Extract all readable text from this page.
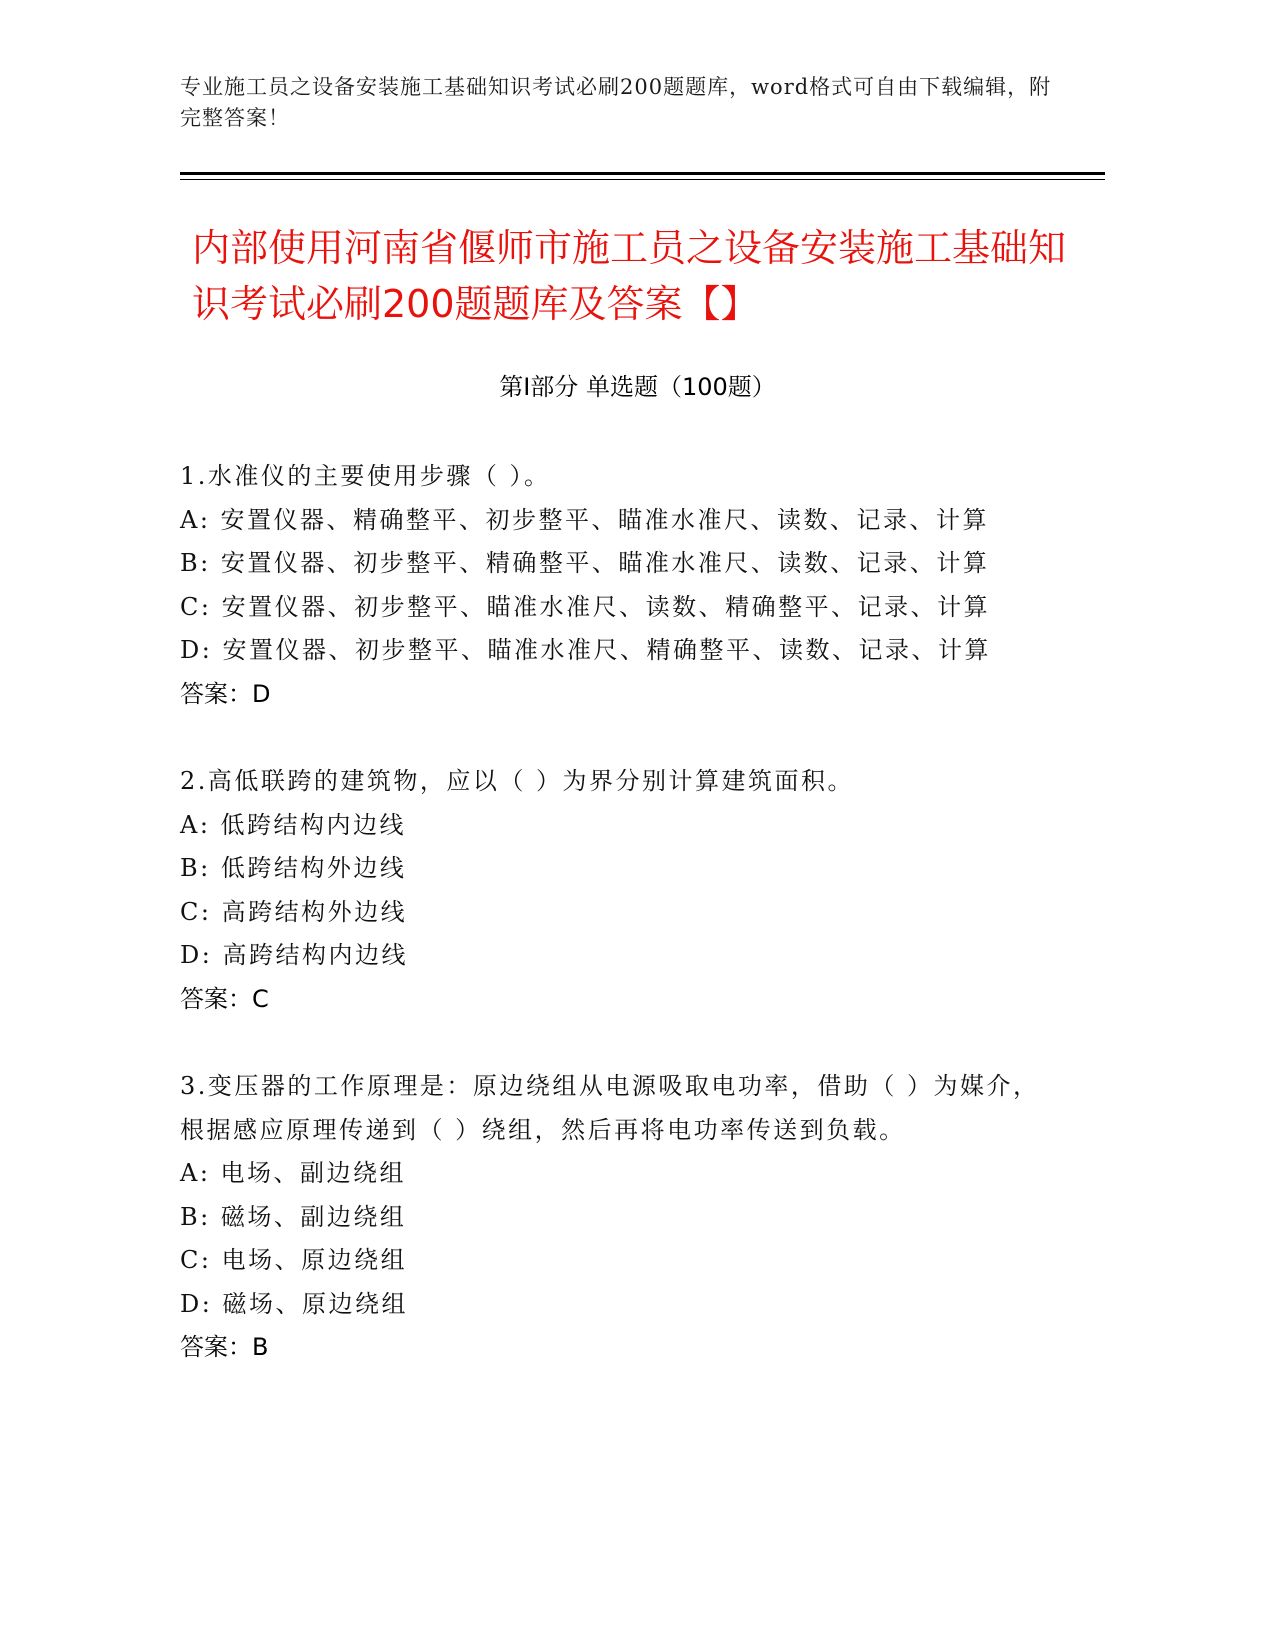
专业施工员之设备安装施工基础知识考试必刷200题题库，word格式可自由下载编辑，附完整答案！
内部使用河南省偃师市施工员之设备安装施工基础知识考试必刷200题题库及答案【】
第I部分 单选题（100题）
1.水准仪的主要使用步骤（ ）。
A: 安置仪器、精确整平、初步整平、瞄准水准尺、读数、记录、计算
B: 安置仪器、初步整平、精确整平、瞄准水准尺、读数、记录、计算
C: 安置仪器、初步整平、瞄准水准尺、读数、精确整平、记录、计算
D: 安置仪器、初步整平、瞄准水准尺、精确整平、读数、记录、计算
答案：D
2.高低联跨的建筑物，应以（ ）为界分别计算建筑面积。
A: 低跨结构内边线
B: 低跨结构外边线
C: 高跨结构外边线
D: 高跨结构内边线
答案：C
3.变压器的工作原理是：原边绕组从电源吸取电功率，借助（ ）为媒介，根据感应原理传递到（ ）绕组，然后再将电功率传送到负载。
A: 电场、副边绕组
B: 磁场、副边绕组
C: 电场、原边绕组
D: 磁场、原边绕组
答案：B
